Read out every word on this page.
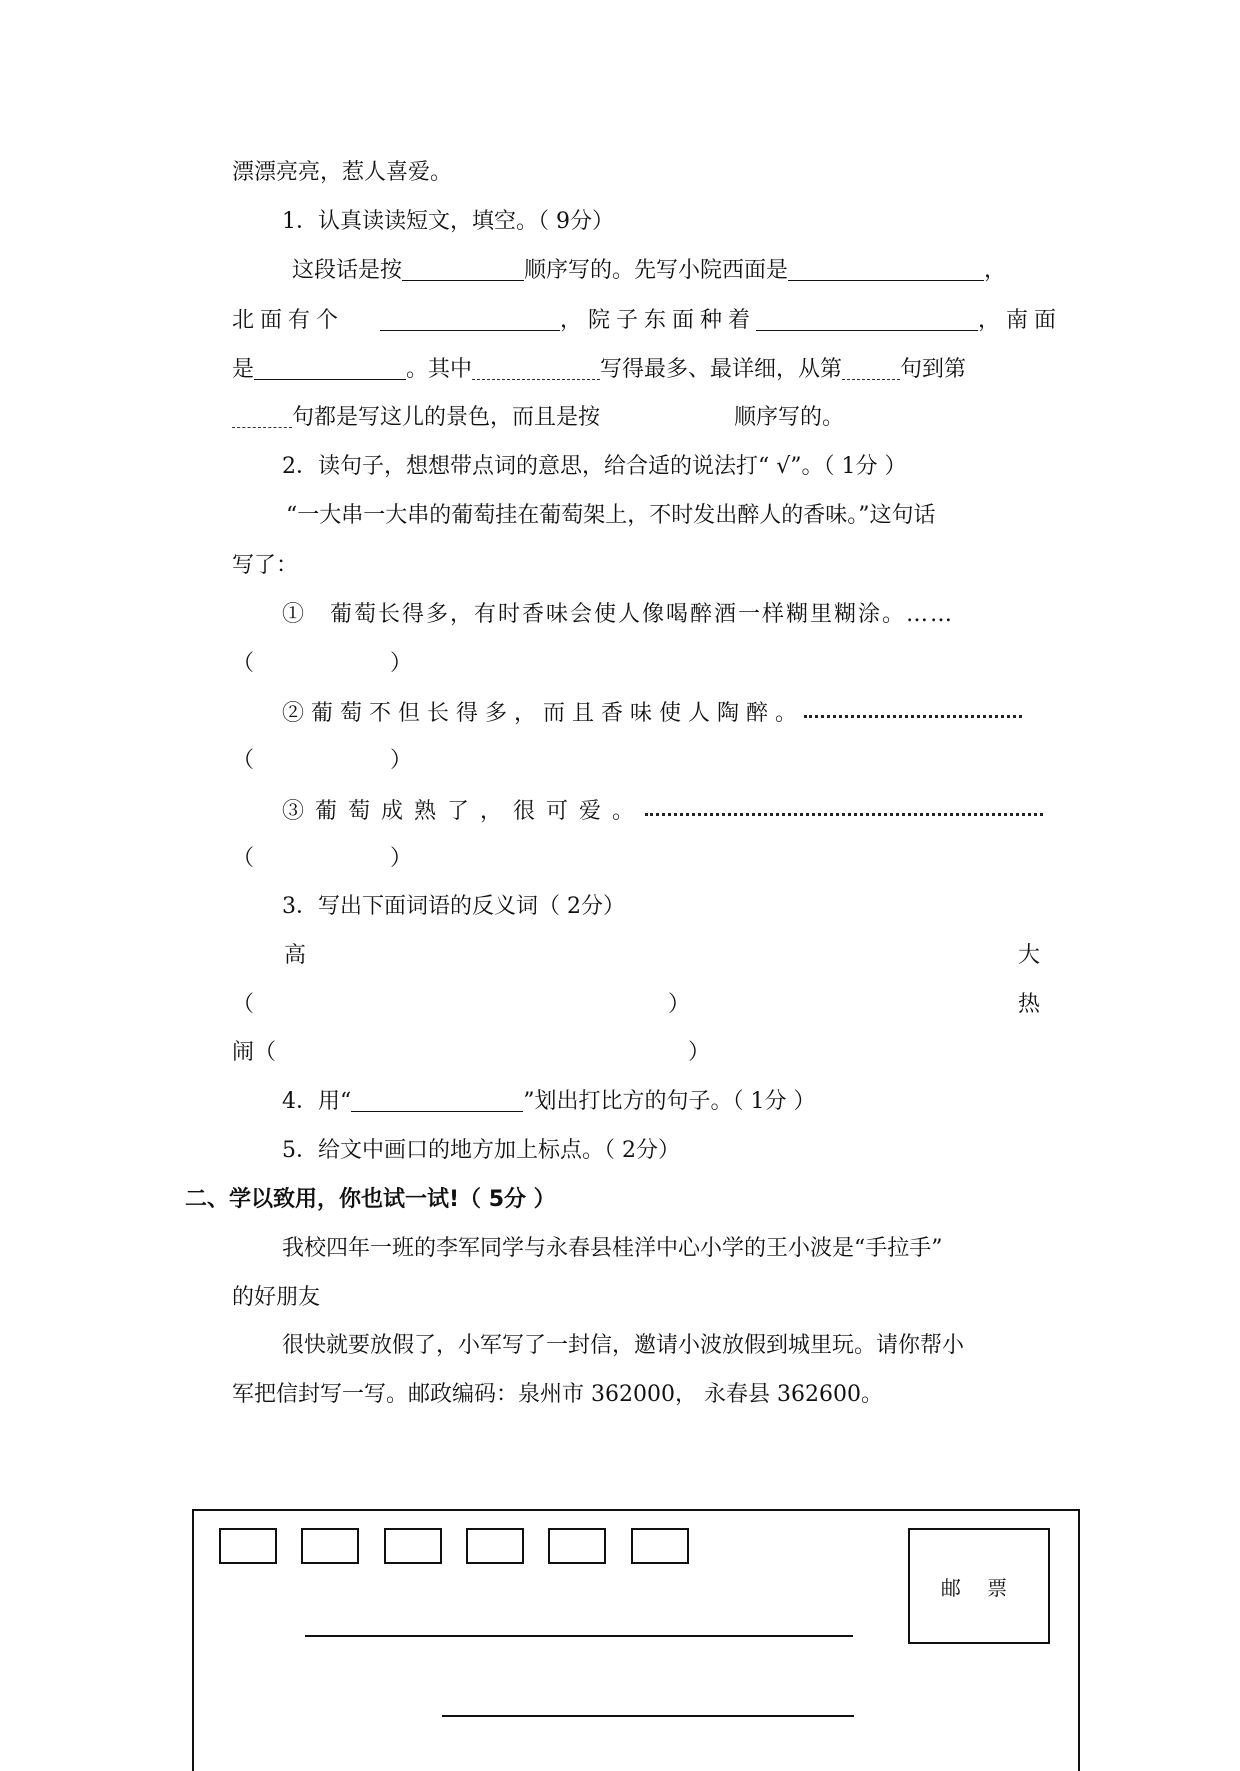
漂漂亮亮，惹人喜爱。
1．认真读读短文，填空。（ 9分）
这段话是按	顺序写的。先写小院西面是	，
北面有个	，院子东面种着	，南面
是	。其中	写得最多、最详细，从第	句到第
句都是写这儿的景色，而且是按	顺序写的。
2．读句子，想想带点词的意思，给合适的说法打“ √”。（ 1分 ）
“一大串一大串的葡萄挂在葡萄架上，不时发出醉人的香味。”这句话
写了：
①　葡萄长得多，有时香味会使人像喝醉酒一样糊里糊涂。……
（	）
②葡萄不但长得多，而且香味使人陶醉。
（	）
③葡萄成熟了，很可爱。
（	）
3．写出下面词语的反义词（ 2分）
高	大
（	）	热
闹（	）
4．用“	”划出打比方的句子。（ 1分 ）
5．给文中画口的地方加上标点。（ 2分）
二、学以致用，你也试一试!（ 5分 ）
我校四年一班的李军同学与永春县桂洋中心小学的王小波是“手拉手”
的好朋友
很快就要放假了，小军写了一封信，邀请小波放假到城里玩。请你帮小
军把信封写一写。邮政编码：泉州市 362000， 永春县 362600。
邮 票
